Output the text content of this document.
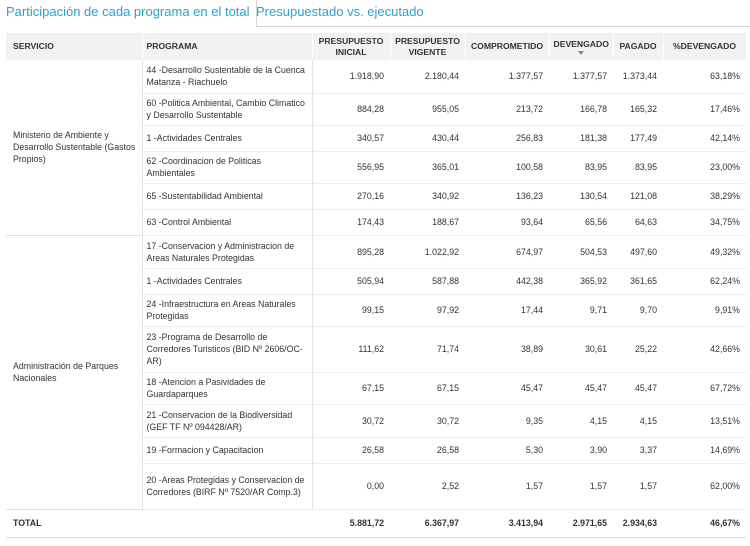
Participación de cada programa en el total Presupuestado vs. ejecutado
SERVICIO	PROGRAMA	PRESUPUESTO INICIAL	PRESUPUESTO VIGENTE	COMPROMETIDO	DEVENGADO	PAGADO	%DEVENGADO
Ministerio de Ambiente y Desarrollo Sustentable (Gastos Propios)	44 -Desarrollo Sustentable de la Cuenca Matanza - Riachuelo	1.918,90	2.180,44	1.377,57	1.377,57	1.373,44	63,18%
	60 -Politica Ambiental, Cambio Climatico y Desarrollo Sustentable	884,28	955,05	213,72	166,78	165,32	17,46%
	1 -Actividades Centrales	340,57	430,44	256,83	181,38	177,49	42,14%
	62 -Coordinacion de Politicas Ambientales	556,95	365,01	100,58	83,95	83,95	23,00%
	65 -Sustentabilidad Ambiental	270,16	340,92	136,23	130,54	121,08	38,29%
	63 -Control Ambiental	174,43	188,67	93,64	65,56	64,63	34,75%
Administración de Parques Nacionales	17 -Conservacion y Administracion de Areas Naturales Protegidas	895,28	1.022,92	674,97	504,53	497,60	49,32%
	1 -Actividades Centrales	505,94	587,88	442,38	365,92	361,65	62,24%
	24 -Infraestructura en Areas Naturales Protegidas	99,15	97,92	17,44	9,71	9,70	9,91%
	23 -Programa de Desarrollo de Corredores Turisticos (BID Nº 2606/OC-AR)	111,62	71,74	38,89	30,61	25,22	42,66%
	18 -Atencion a Pasividades de Guardaparques	67,15	67,15	45,47	45,47	45,47	67,72%
	21 -Conservacion de la Biodiversidad (GEF TF Nº 094428/AR)	30,72	30,72	9,35	4,15	4,15	13,51%
	19 -Formacion y Capacitacion	26,58	26,58	5,30	3,90	3,37	14,69%
	20 -Areas Protegidas y Conservacion de Corredores (BIRF Nº 7520/AR Comp.3)	0,00	2,52	1,57	1,57	1,57	62,00%
TOTAL		5.881,72	6.367,97	3.413,94	2.971,65	2.934,63	46,67%
